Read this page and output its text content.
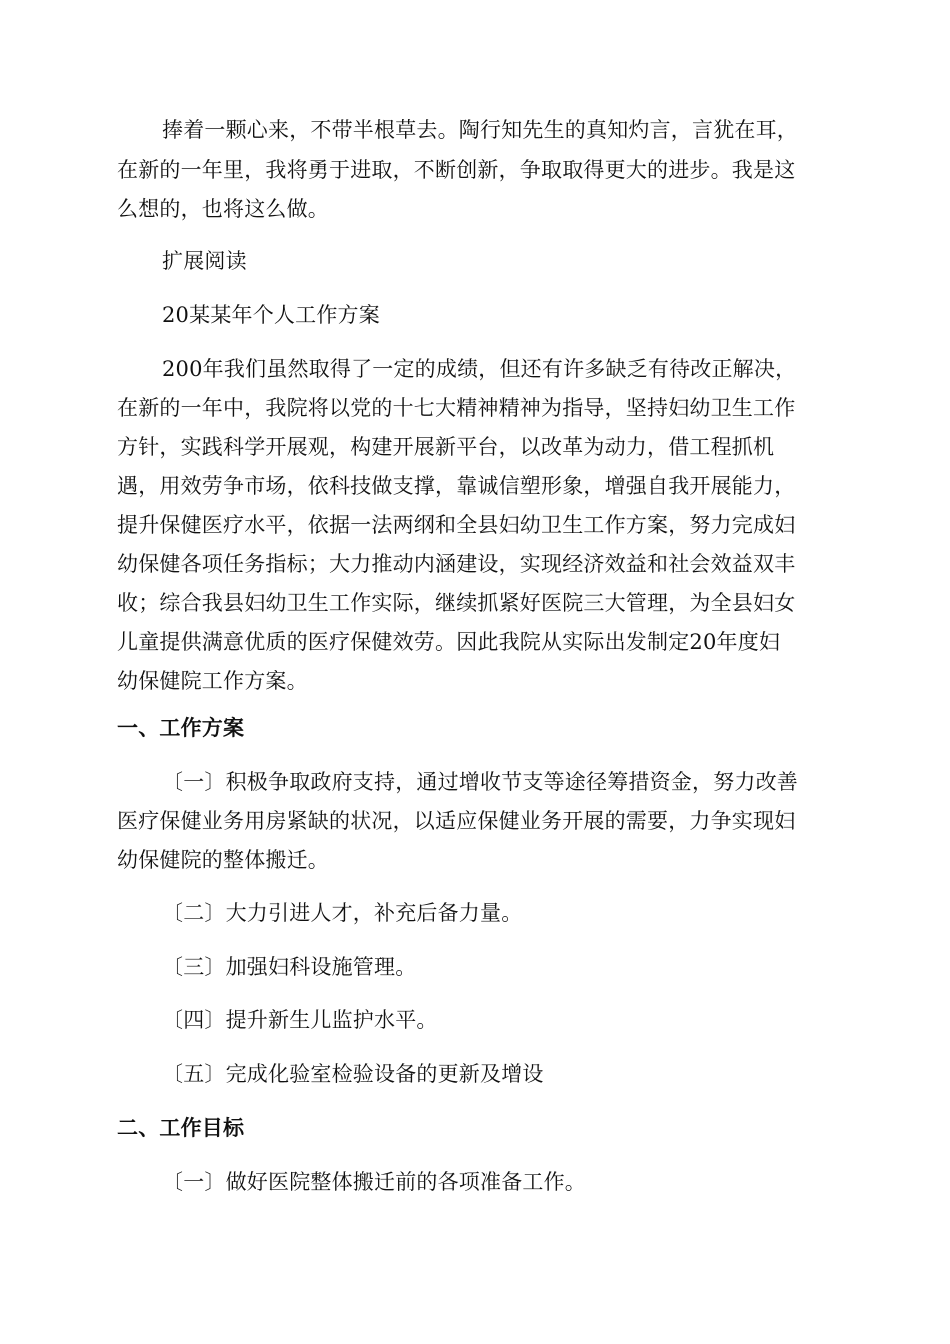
捧着一颗心来，不带半根草去。陶行知先生的真知灼言，言犹在耳，
在新的一年里，我将勇于进取，不断创新，争取取得更大的进步。我是这
么想的，也将这么做。
扩展阅读
20某某年个人工作方案
200年我们虽然取得了一定的成绩，但还有许多缺乏有待改正解决，
在新的一年中，我院将以党的十七大精神精神为指导，坚持妇幼卫生工作
方针，实践科学开展观，构建开展新平台，以改革为动力，借工程抓机
遇，用效劳争市场，依科技做支撑，靠诚信塑形象，增强自我开展能力，
提升保健医疗水平，依据一法两纲和全县妇幼卫生工作方案，努力完成妇
幼保健各项任务指标；大力推动内涵建设，实现经济效益和社会效益双丰
收；综合我县妇幼卫生工作实际，继续抓紧好医院三大管理，为全县妇女
儿童提供满意优质的医疗保健效劳。因此我院从实际出发制定20年度妇
幼保健院工作方案。
一、工作方案
〔一〕积极争取政府支持，通过增收节支等途径筹措资金，努力改善
医疗保健业务用房紧缺的状况，以适应保健业务开展的需要，力争实现妇
幼保健院的整体搬迁。
〔二〕大力引进人才，补充后备力量。
〔三〕加强妇科设施管理。
〔四〕提升新生儿监护水平。
〔五〕完成化验室检验设备的更新及增设
二、工作目标
〔一〕做好医院整体搬迁前的各项准备工作。
